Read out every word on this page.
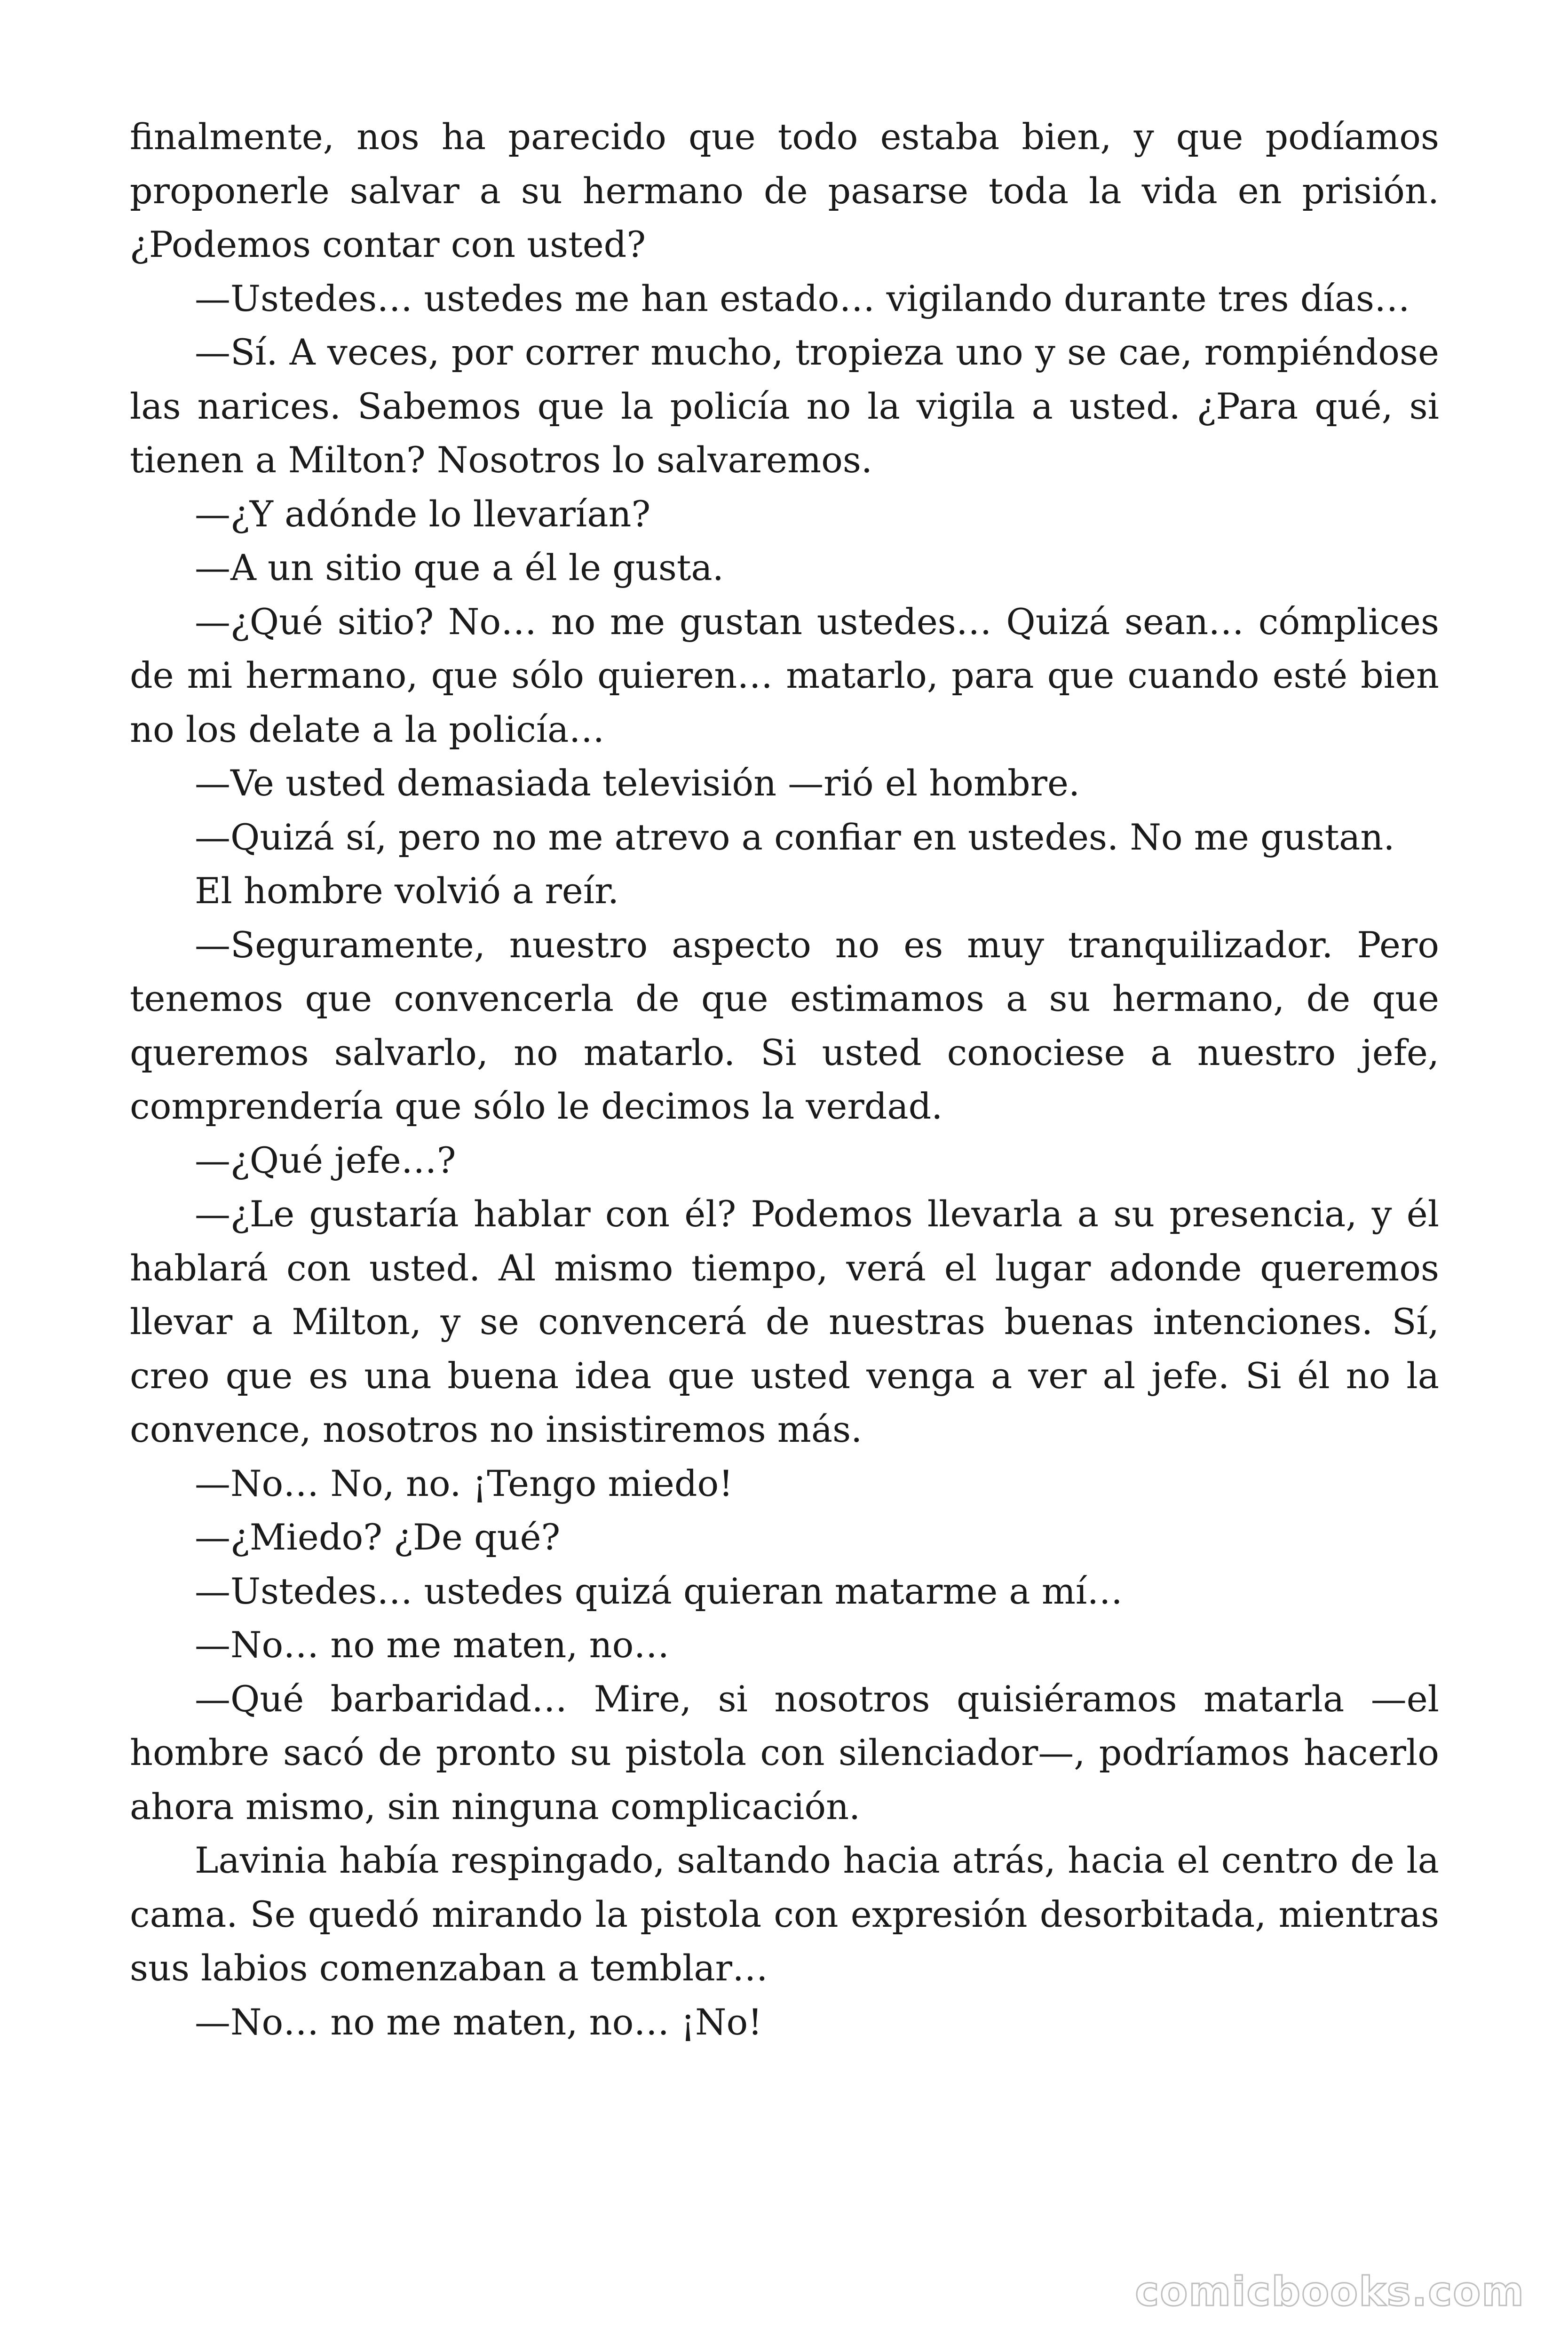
finalmente, nos ha parecido que todo estaba bien, y que podíamos proponerle salvar a su hermano de pasarse toda la vida en prisión. ¿Podemos contar con usted?

—Ustedes… ustedes me han estado… vigilando durante tres días…

—Sí. A veces, por correr mucho, tropieza uno y se cae, rompiéndose las narices. Sabemos que la policía no la vigila a usted. ¿Para qué, si tienen a Milton? Nosotros lo salvaremos.

—¿Y adónde lo llevarían?

—A un sitio que a él le gusta.

—¿Qué sitio? No… no me gustan ustedes… Quizá sean… cómplices de mi hermano, que sólo quieren… matarlo, para que cuando esté bien no los delate a la policía…

—Ve usted demasiada televisión —rió el hombre.

—Quizá sí, pero no me atrevo a confiar en ustedes. No me gustan.

El hombre volvió a reír.

—Seguramente, nuestro aspecto no es muy tranquilizador. Pero tenemos que convencerla de que estimamos a su hermano, de que queremos salvarlo, no matarlo. Si usted conociese a nuestro jefe, comprendería que sólo le decimos la verdad.

—¿Qué jefe…?

—¿Le gustaría hablar con él? Podemos llevarla a su presencia, y él hablará con usted. Al mismo tiempo, verá el lugar adonde queremos llevar a Milton, y se convencerá de nuestras buenas intenciones. Sí, creo que es una buena idea que usted venga a ver al jefe. Si él no la convence, nosotros no insistiremos más.

—No… No, no. ¡Tengo miedo!

—¿Miedo? ¿De qué?

—Ustedes… ustedes quizá quieran matarme a mí…

—No… no me maten, no…

—Qué barbaridad… Mire, si nosotros quisiéramos matarla —el hombre sacó de pronto su pistola con silenciador—, podríamos hacerlo ahora mismo, sin ninguna complicación.

Lavinia había respingado, saltando hacia atrás, hacia el centro de la cama. Se quedó mirando la pistola con expresión desorbitada, mientras sus labios comenzaban a temblar…

—No… no me maten, no… ¡No!

comicbooks.com
